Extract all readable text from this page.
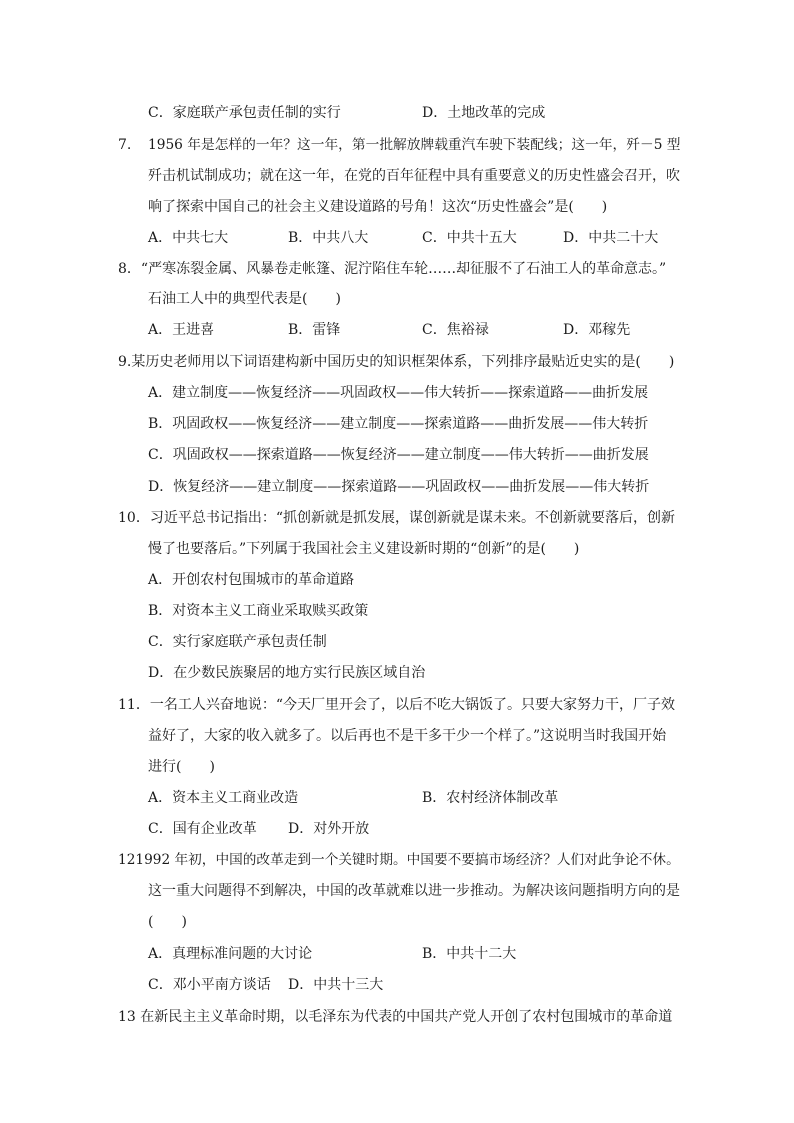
C．家庭联产承包责任制的实行	D．土地改革的完成
7. 1956 年是怎样的一年？这一年，第一批解放牌载重汽车驶下装配线；这一年，歼－5 型
歼击机试制成功；就在这一年，在党的百年征程中具有重要意义的历史性盛会召开，吹
响了探索中国自己的社会主义建设道路的号角！这次“历史性盛会”是(　　)
A．中共七大	B．中共八大	C．中共十五大	D．中共二十大
8．“严寒冻裂金属、风暴卷走帐篷、泥泞陷住车轮……却征服不了石油工人的革命意志。”
石油工人中的典型代表是(　　)
A．王进喜	B．雷锋	C．焦裕禄	D．邓稼先
9.某历史老师用以下词语建构新中国历史的知识框架体系，下列排序最贴近史实的是(　　)
A．建立制度——恢复经济——巩固政权——伟大转折——探索道路——曲折发展
B．巩固政权——恢复经济——建立制度——探索道路——曲折发展——伟大转折
C．巩固政权——探索道路——恢复经济——建立制度——伟大转折——曲折发展
D．恢复经济——建立制度——探索道路——巩固政权——曲折发展——伟大转折
10．习近平总书记指出：“抓创新就是抓发展，谋创新就是谋未来。不创新就要落后，创新
慢了也要落后。”下列属于我国社会主义建设新时期的“创新”的是(　　)
A．开创农村包围城市的革命道路
B．对资本主义工商业采取赎买政策
C．实行家庭联产承包责任制
D．在少数民族聚居的地方实行民族区域自治
11．一名工人兴奋地说：“今天厂里开会了，以后不吃大锅饭了。只要大家努力干，厂子效
益好了，大家的收入就多了。以后再也不是干多干少一个样了。”这说明当时我国开始
进行(　　)
A．资本主义工商业改造	B．农村经济体制改革
C．国有企业改革 D．对外开放
121992 年初，中国的改革走到一个关键时期。中国要不要搞市场经济？人们对此争论不休。
这一重大问题得不到解决，中国的改革就难以进一步推动。为解决该问题指明方向的是
(　　)
A．真理标准问题的大讨论	B．中共十二大
C．邓小平南方谈话 D．中共十三大
13 在新民主主义革命时期，以毛泽东为代表的中国共产党人开创了农村包围城市的革命道
